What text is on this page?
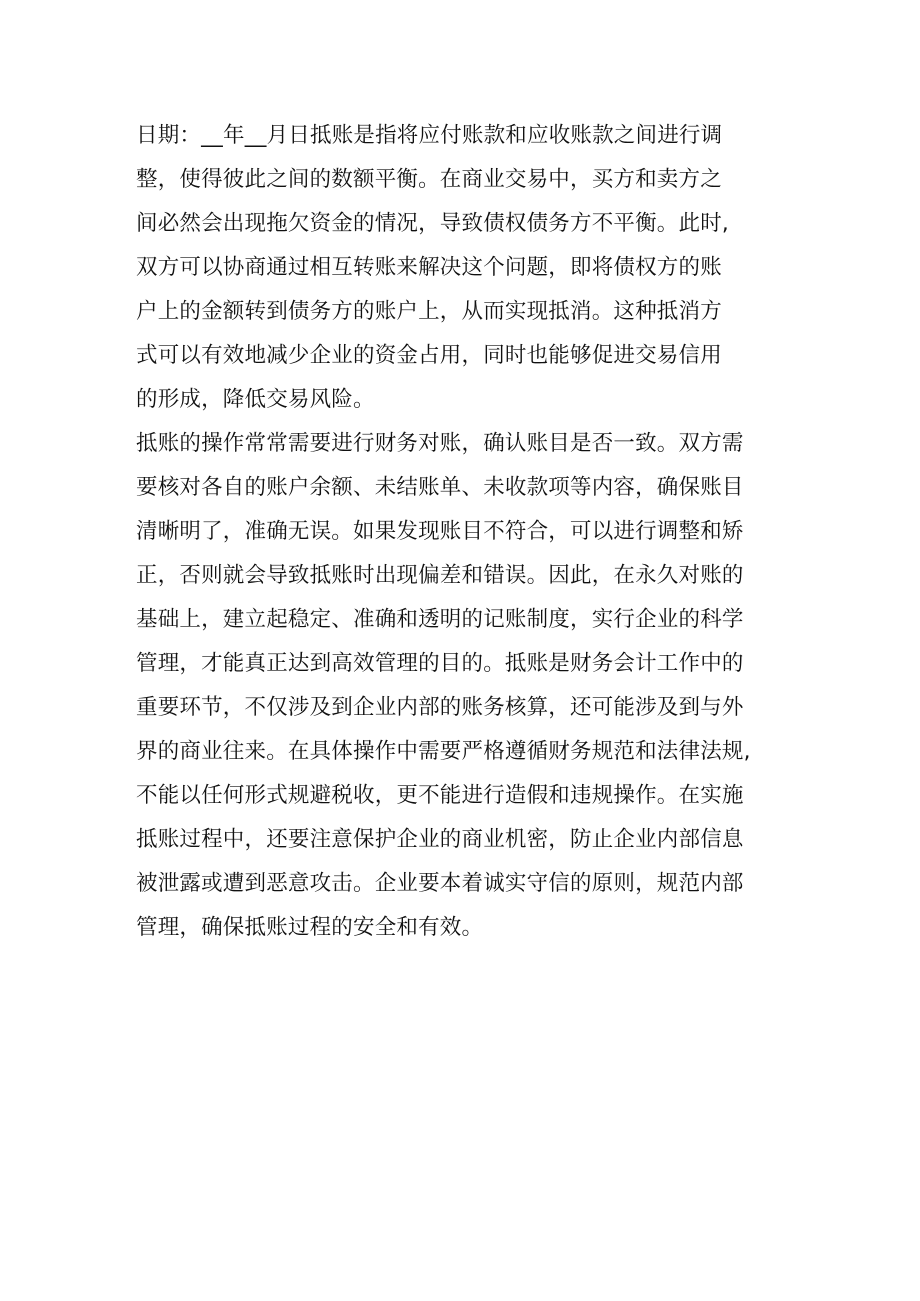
日期：__年__月日抵账是指将应付账款和应收账款之间进行调
整，使得彼此之间的数额平衡。在商业交易中，买方和卖方之
间必然会出现拖欠资金的情况，导致债权债务方不平衡。此时,
双方可以协商通过相互转账来解决这个问题，即将债权方的账
户上的金额转到债务方的账户上，从而实现抵消。这种抵消方
式可以有效地减少企业的资金占用，同时也能够促进交易信用
的形成，降低交易风险。
抵账的操作常常需要进行财务对账，确认账目是否一致。双方需
要核对各自的账户余额、未结账单、未收款项等内容，确保账目
清晰明了，准确无误。如果发现账目不符合，可以进行调整和矫
正，否则就会导致抵账时出现偏差和错误。因此，在永久对账的
基础上，建立起稳定、准确和透明的记账制度，实行企业的科学
管理，才能真正达到高效管理的目的。抵账是财务会计工作中的
重要环节，不仅涉及到企业内部的账务核算，还可能涉及到与外
界的商业往来。在具体操作中需要严格遵循财务规范和法律法规,
不能以任何形式规避税收，更不能进行造假和违规操作。在实施
抵账过程中，还要注意保护企业的商业机密，防止企业内部信息
被泄露或遭到恶意攻击。企业要本着诚实守信的原则，规范内部
管理，确保抵账过程的安全和有效。
